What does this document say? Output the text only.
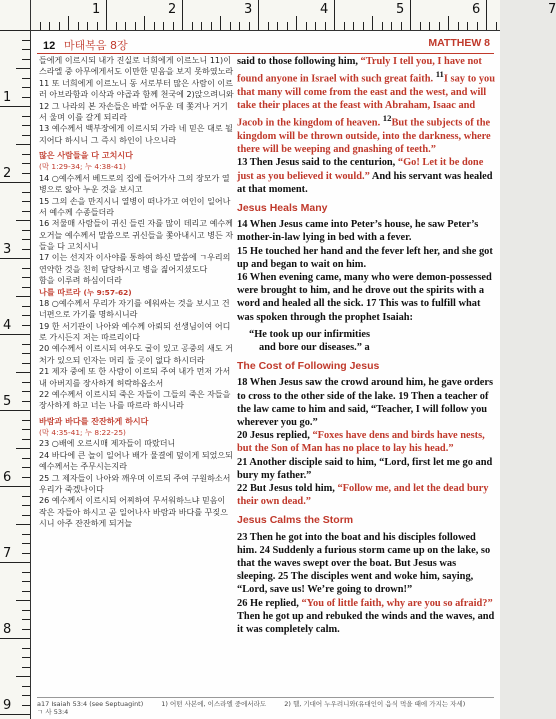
1	2	3	4	5	6	7
1
2
3
4
5
6
7
8
9
12 마태복음 8장	MATTHEW 8

들에게 이르시되 내가 진실로 너희에게 이르노니 11)이스라엘 중 아무에게서도 이만한 믿음을 보지 못하였노라

11 또 너희에게 이르노니 동 서로부터 많은 사람이 이르러 아브라함과 이삭과 야곱과 함께 천국에 2)앉으려니와

12 그 나라의 본 자손들은 바깥 어두운 데 쫓겨나 거기서 울며 이를 갈게 되리라

13 예수께서 백부장에게 이르시되 가라 네 믿은 대로 될지어다 하시니 그 즉시 하인이 나으니라

많은 사람들을 다 고치시다

(막 1:29-34; 누 4:38-41)

14 ○예수께서 베드로의 집에 들어가사 그의 장모가 열병으로 앓아 누운 것을 보시고

15 그의 손을 만지시니 열병이 떠나가고 여인이 일어나서 예수께 수종들더라

16 저물매 사람들이 귀신 들린 자를 많이 데리고 예수께 오거늘 예수께서 말씀으로 귀신들을 쫓아내시고 병든 자들을 다 고치시니

17 이는 선지자 이사야를 통하여 하신 말씀에 ㄱ우리의 연약한 것을 친히 담당하시고 병을 짊어지셨도다

함을 이루려 하심이더라

나를 따르라 (누 9:57-62)

18 ○예수께서 무리가 자기를 에워싸는 것을 보시고 건너편으로 가기를 명하시니라

19 한 서기관이 나아와 예수께 아뢰되 선생님이여 어디로 가시든지 저는 따르리이다

20 예수께서 이르시되 여우도 굴이 있고 공중의 새도 거처가 있으되 인자는 머리 둘 곳이 없다 하시더라

21 제자 중에 또 한 사람이 이르되 주여 내가 먼저 가서 내 아버지를 장사하게 허락하옵소서

22 예수께서 이르시되 죽은 자들이 그들의 죽은 자들을 장사하게 하고 너는 나를 따르라 하시니라

바람과 바다를 잔잔하게 하시다

(막 4:35-41; 누 8:22-25)

23 ○배에 오르시매 제자들이 따랐더니

24 바다에 큰 놀이 일어나 배가 물결에 덮이게 되었으되 예수께서는 주무시는지라

25 그 제자들이 나아와 깨우며 이르되 주여 구원하소서 우리가 죽겠나이다

26 예수께서 이르시되 어찌하여 무서워하느냐 믿음이 작은 자들아 하시고 곧 일어나사 바람과 바다를 꾸짖으시니 아주 잔잔하게 되거늘

said to those following him, “Truly I tell you, I have not found anyone in Israel with such great faith. $^{11}$I say to you that many will come from the east and the west, and will take their places at the feast with Abraham, Isaac and Jacob in the kingdom of heaven. $^{12}$But the subjects of the kingdom will be thrown outside, into the darkness, where there will be weeping and gnashing of teeth.”

13 Then Jesus said to the centurion, “Go! Let it be done just as you believed it would.” And his servant was healed at that moment.

Jesus Heals Many

14 When Jesus came into Peter’s house, he saw Peter’s mother-in-law lying in bed with a fever.

15 He touched her hand and the fever left her, and she got up and began to wait on him.

16 When evening came, many who were demon-possessed were brought to him, and he drove out the spirits with a word and healed all the sick. 17 This was to fulfill what was spoken through the prophet Isaiah:

“He took up our infirmities

and bore our diseases.” a

The Cost of Following Jesus

18 When Jesus saw the crowd around him, he gave orders to cross to the other side of the lake. 19 Then a teacher of the law came to him and said, “Teacher, I will follow you wherever you go.”

20 Jesus replied, “Foxes have dens and birds have nests, but the Son of Man has no place to lay his head.”

21 Another disciple said to him, “Lord, first let me go and bury my father.”

22 But Jesus told him, “Follow me, and let the dead bury their own dead.”

Jesus Calms the Storm

23 Then he got into the boat and his disciples followed him. 24 Suddenly a furious storm came up on the lake, so that the waves swept over the boat. But Jesus was sleeping. 25 The disciples went and woke him, saying, “Lord, save us! We’re going to drown!”

26 He replied, “You of little faith, why are you so afraid?” Then he got up and rebuked the winds and the waves, and it was completely calm.

a17 Isaiah 53:4 (see Septuagint)	1) 어떤 사본에, 이스라엘 중에서라도	2) 헬, 기대어 누우려니와(유대인이 음식 먹을 때에 가지는 자세)
ㄱ 사 53:4
